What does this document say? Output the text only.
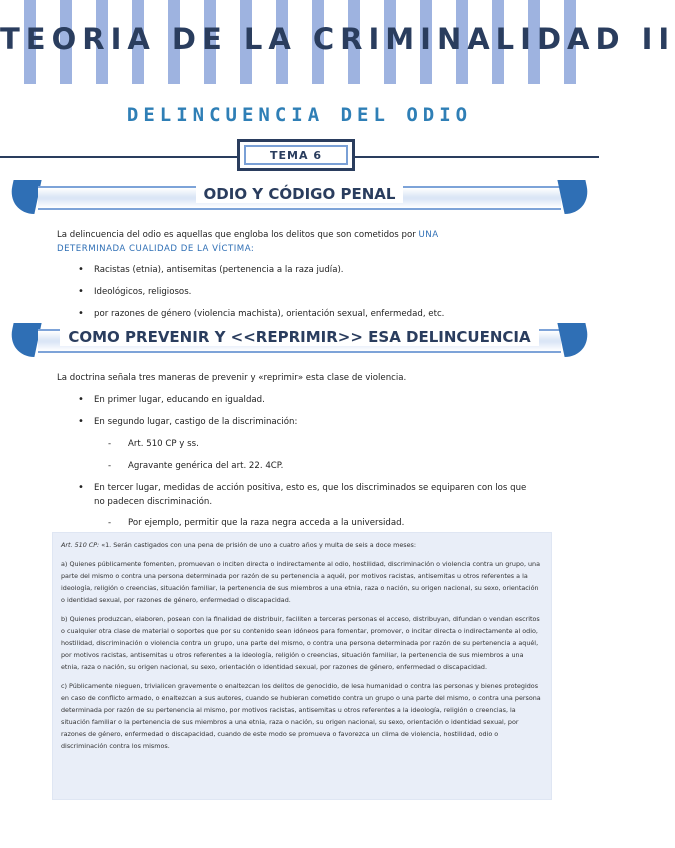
TEORIA DE LA CRIMINALIDAD II
DELINCUENCIA DEL ODIO
TEMA 6
ODIO Y CÓDIGO PENAL
La delincuencia del odio es aquellas que engloba los delitos que son cometidos por UNA DETERMINADA CUALIDAD DE LA VÍCTIMA:
• Racistas (etnia), antisemitas (pertenencia a la raza judía).
• Ideológicos, religiosos.
• por razones de género (violencia machista), orientación sexual, enfermedad, etc.
COMO PREVENIR Y <<REPRIMIR>> ESA DELINCUENCIA
La doctrina señala tres maneras de prevenir y «reprimir» esta clase de violencia.
• En primer lugar, educando en igualdad.
• En segundo lugar, castigo de la discriminación:
- Art. 510 CP y ss.
- Agravante genérica del art. 22. 4CP.
• En tercer lugar, medidas de acción positiva, esto es, que los discriminados se equiparen con los que no padecen discriminación.
- Por ejemplo, permitir que la raza negra acceda a la universidad.

Art. 510 CP: «1. Serán castigados con una pena de prisión de uno a cuatro años y multa de seis a doce meses:

a) Quienes públicamente fomenten, promuevan o inciten directa o indirectamente al odio, hostilidad, discriminación o violencia contra un grupo, una parte del mismo o contra una persona determinada por razón de su pertenencia a aquél, por motivos racistas, antisemitas u otros referentes a la ideología, religión o creencias, situación familiar, la pertenencia de sus miembros a una etnia, raza o nación, su origen nacional, su sexo, orientación o identidad sexual, por razones de género, enfermedad o discapacidad.

b) Quienes produzcan, elaboren, posean con la finalidad de distribuir, faciliten a terceras personas el acceso, distribuyan, difundan o vendan escritos o cualquier otra clase de material o soportes que por su contenido sean idóneos para fomentar, promover, o incitar directa o indirectamente al odio, hostilidad, discriminación o violencia contra un grupo, una parte del mismo, o contra una persona determinada por razón de su pertenencia a aquél, por motivos racistas, antisemitas u otros referentes a la ideología, religión o creencias, situación familiar, la pertenencia de sus miembros a una etnia, raza o nación, su origen nacional, su sexo, orientación o identidad sexual, por razones de género, enfermedad o discapacidad.

c) Públicamente nieguen, trivialicen gravemente o enaltezcan los delitos de genocidio, de lesa humanidad o contra las personas y bienes protegidos en caso de conflicto armado, o enaltezcan a sus autores, cuando se hubieran cometido contra un grupo o una parte del mismo, o contra una persona determinada por razón de su pertenencia al mismo, por motivos racistas, antisemitas u otros referentes a la ideología, religión o creencias, la situación familiar o la pertenencia de sus miembros a una etnia, raza o nación, su origen nacional, su sexo, orientación o identidad sexual, por razones de género, enfermedad o discapacidad, cuando de este modo se promueva o favorezca un clima de violencia, hostilidad, odio o discriminación contra los mismos.
